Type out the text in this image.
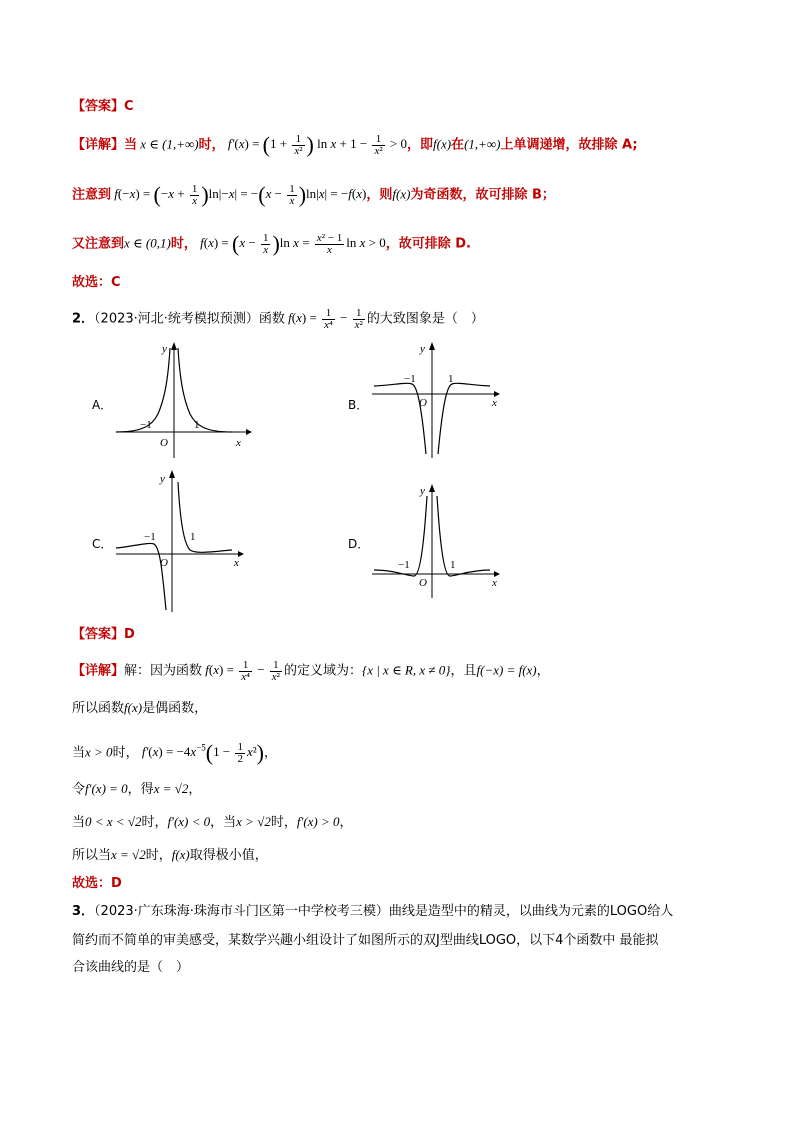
【答案】C
【详解】当 x ∈ (1,+∞)时， $f'(x) = (1 + \frac{1}{\text{x²}}$ ) $\ln x + 1 - \frac{1}{\text{x²}} > 0$，即f(x)在(1,+∞)上单调递增，故排除 A;
注意到 $f(-x) = (-x + \frac{1}{x} )\ln|-x| = -(x - \frac{1}{x} )\ln|x| = -f(x)$，则f(x)为奇函数，故可排除 B；
又注意到x ∈ (0,1)时， $f(x) = (x - \frac{1}{x} )\ln$ $x = \frac{\text{x² − 1}}{x}$ ln x > 0，故可排除 D.
故选：C
2．（2023·河北·统考模拟预测）函数 $f(x) = \frac{1}{\text{x⁴}} - \frac{1}{\text{x²}}$ 的大致图象是（　）
A．	B．
C．	D．
y
x
O
−1	1
y
x
O
−1	1
y
x
O
−1	1
y
x
O
−1	1
【答案】D
【详解】解：因为函数 $f(x) = \frac{1}{\text{x⁴}} - \frac{1}{\text{x²}}$ 的定义域为：{x | x ∈ R, x ≠ 0}，且f(−x) = f(x)，
所以函数f(x)是偶函数，
当x > 0时， $f'(x) = -4x^{-5}(1 - \frac{1}{2} x^2)$，
令f′(x) = 0，得x = √2，
当0 < x < √2时，f′(x) < 0，当x > √2时，f′(x) > 0，
所以当x = √2时，f(x)取得极小值，
故选：D
3．（2023·广东珠海·珠海市斗门区第一中学校考三模）曲线是造型中的精灵，以曲线为元素的LOGO给人
简约而不简单的审美感受，某数学兴趣小组设计了如图所示的双J型曲线LOGO，以下4个函数中 最能拟
合该曲线的是（　）
